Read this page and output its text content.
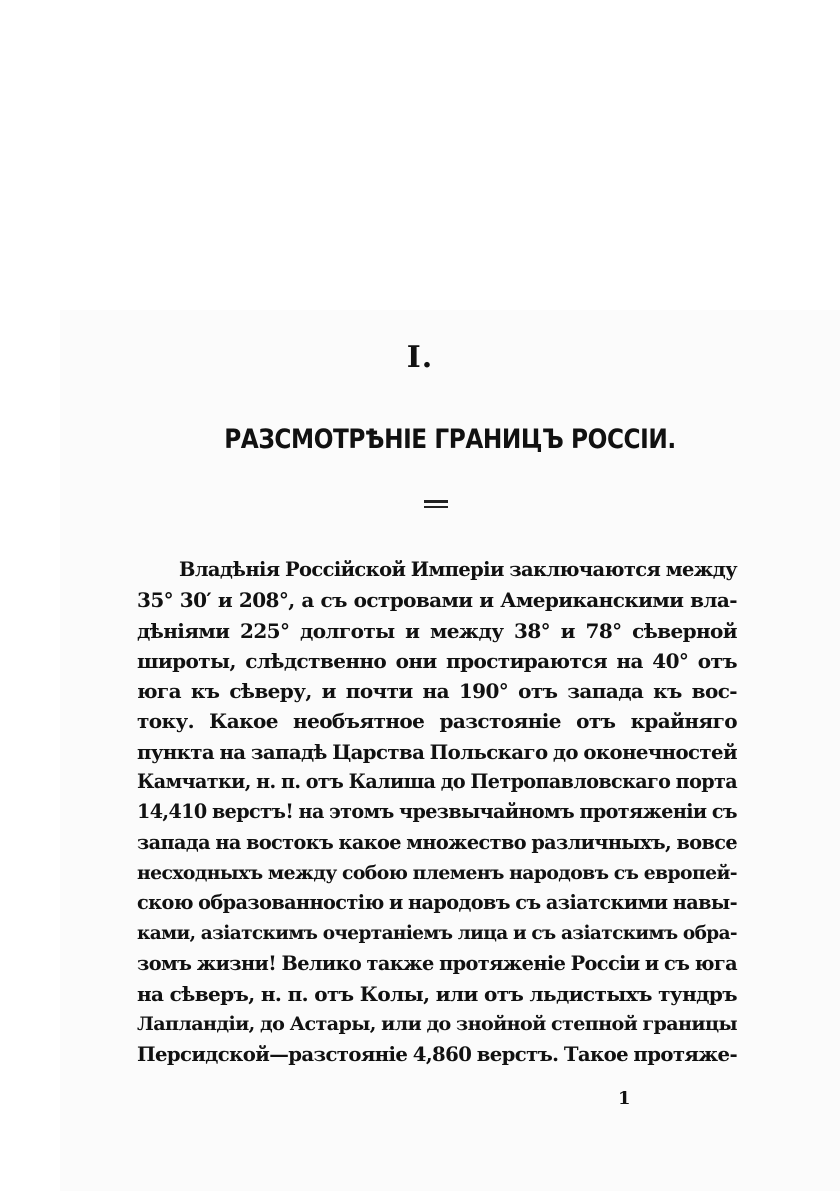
I.
РАЗСМОТРѢНІЕ ГРАНИЦЪ РОССІИ.
Владѣнія Россійской Имперіи заключаются между
35° 30′ и 208°, а съ островами и Американскими вла-
дѣніями 225° долготы и между 38° и 78° сѣверной
широты, слѣдственно они простираются на 40° отъ
юга къ сѣверу, и почти на 190° отъ запада къ вос-
току. Какое необъятное разстояніе отъ крайняго
пункта на западѣ Царства Польскаго до оконечностей
Камчатки, н. п. отъ Калиша до Петропавловскаго порта
14,410 верстъ! на этомъ чрезвычайномъ протяженіи съ
запада на востокъ какое множество различныхъ, вовсе
несходныхъ между собою племенъ народовъ съ европей-
скою образованностію и народовъ съ азіатскими навы-
ками, азіатскимъ очертаніемъ лица и съ азіатскимъ обра-
зомъ жизни! Велико также протяженіе Россіи и съ юга
на сѣверъ, н. п. отъ Колы, или отъ льдистыхъ тундръ
Лапландіи, до Астары, или до знойной степной границы
Персидской—разстояніе 4,860 верстъ. Такое протяже-
1
